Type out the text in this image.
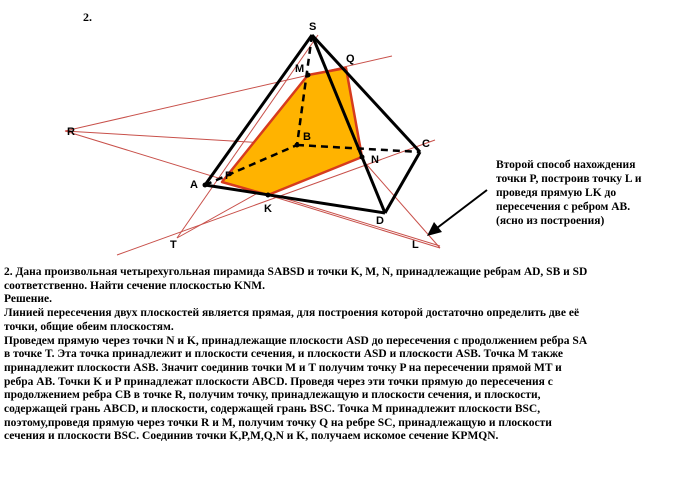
2.
S
Q
M
R	B
C
N
A
P
K
D
T	L
Второй способ нахождения
точки P, построив точку L и
проведя прямую LK до
пересечения с ребром AB.
(ясно из построения)
2. Дана произвольная четырехугольная пирамида SABSD и точки K, M, N, принадлежащие ребрам AD, SB и SD
соответственно. Найти сечение плоскостью KNM.
Решение.
Линией пересечения двух плоскостей является прямая, для построения которой достаточно определить две её
точки, общие обеим плоскостям.
Проведем прямую через точки N и K, принадлежащие плоскости ASD до пересечения с продолжением ребра SA
в точке T. Эта точка принадлежит и плоскости сечения, и плоскости ASD и плоскости ASB. Точка M также
принадлежит плоскости ASB. Значит соединив точки M и T получим точку P на пересечении прямой MT и
ребра AB. Точки K и P принадлежат плоскости ABCD. Проведя через эти точки прямую до пересечения с
продолжением ребра CB в точке R, получим точку, принадлежащую и плоскости сечения, и плоскости,
содержащей грань ABCD, и плоскости, содержащей грань BSC. Точка M принадлежит плоскости BSC,
поэтому,проведя прямую через точки R и M, получим точку Q на ребре SC, принадлежащую и плоскости
сечения и плоскости BSC. Соединив точки K,P,M,Q,N и K, получаем искомое сечение KPMQN.
